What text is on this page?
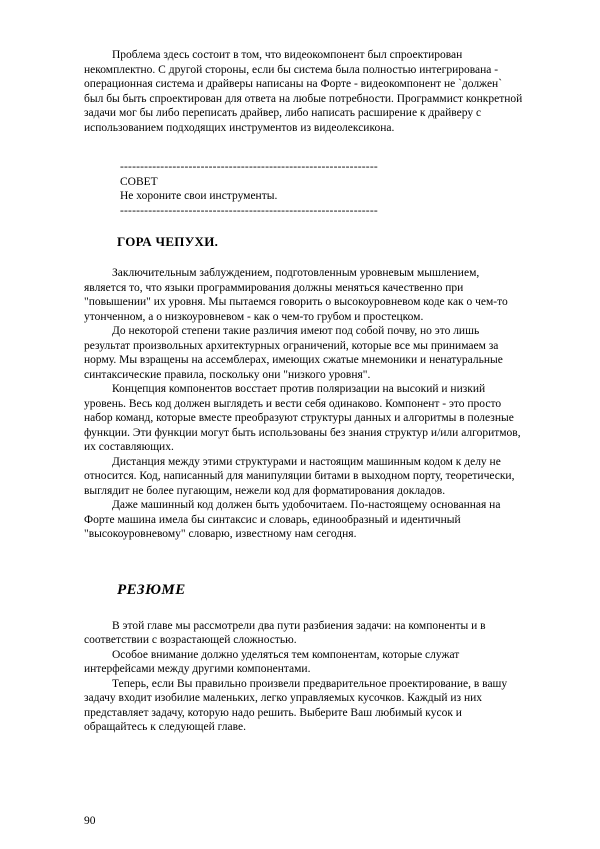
Проблема здесь состоит в том, что видеокомпонент был спроектирован некомплектно. С другой стороны, если бы система была полностью интегрирована - операционная система и драйверы написаны на Форте - видеокомпонент не `должен` был бы быть спроектирован для ответа на любые потребности. Программист конкретной задачи мог бы либо переписать драйвер, либо написать расширение к драйверу с использованием подходящих инструментов из видеолексикона.

----------------------------------------------------------------
СОВЕТ
Не хороните свои инструменты.
----------------------------------------------------------------
ГОРА ЧЕПУХИ.

Заключительным заблуждением, подготовленным уровневым мышлением, является то, что языки программирования должны меняться качественно при "повышении" их уровня. Мы пытаемся говорить о высокоуровневом коде как о чем-то утонченном, а о низкоуровневом - как о чем-то грубом и простецком.

До некоторой степени такие различия имеют под собой почву, но это лишь результат произвольных архитектурных ограничений, которые все мы принимаем за норму. Мы взращены на ассемблерах, имеющих сжатые мнемоники и ненатуральные синтаксические правила, поскольку они "низкого уровня".

Концепция компонентов восстает против поляризации на высокий и низкий уровень. Весь код должен выглядеть и вести себя одинаково. Компонент - это просто набор команд, которые вместе преобразуют структуры данных и алгоритмы в полезные функции. Эти функции могут быть использованы без знания структур и/или алгоритмов, их составляющих.

Дистанция между этими структурами и настоящим машинным кодом к делу не относится. Код, написанный для манипуляции битами в выходном порту, теоретически, выглядит не более пугающим, нежели код для форматирования докладов.

Даже машинный код должен быть удобочитаем. По-настоящему основанная на Форте машина имела бы синтаксис и словарь, единообразный и идентичный "высокоуровневому" словарю, известному нам сегодня.

РЕЗЮМЕ

В этой главе мы рассмотрели два пути разбиения задачи: на компоненты и в соответствии с возрастающей сложностью.

Особое внимание должно уделяться тем компонентам, которые служат интерфейсами между другими компонентами.

Теперь, если Вы правильно произвели предварительное проектирование, в вашу задачу входит изобилие маленьких, легко управляемых кусочков. Каждый из них представляет задачу, которую надо решить. Выберите Ваш любимый кусок и обращайтесь к следующей главе.

90
